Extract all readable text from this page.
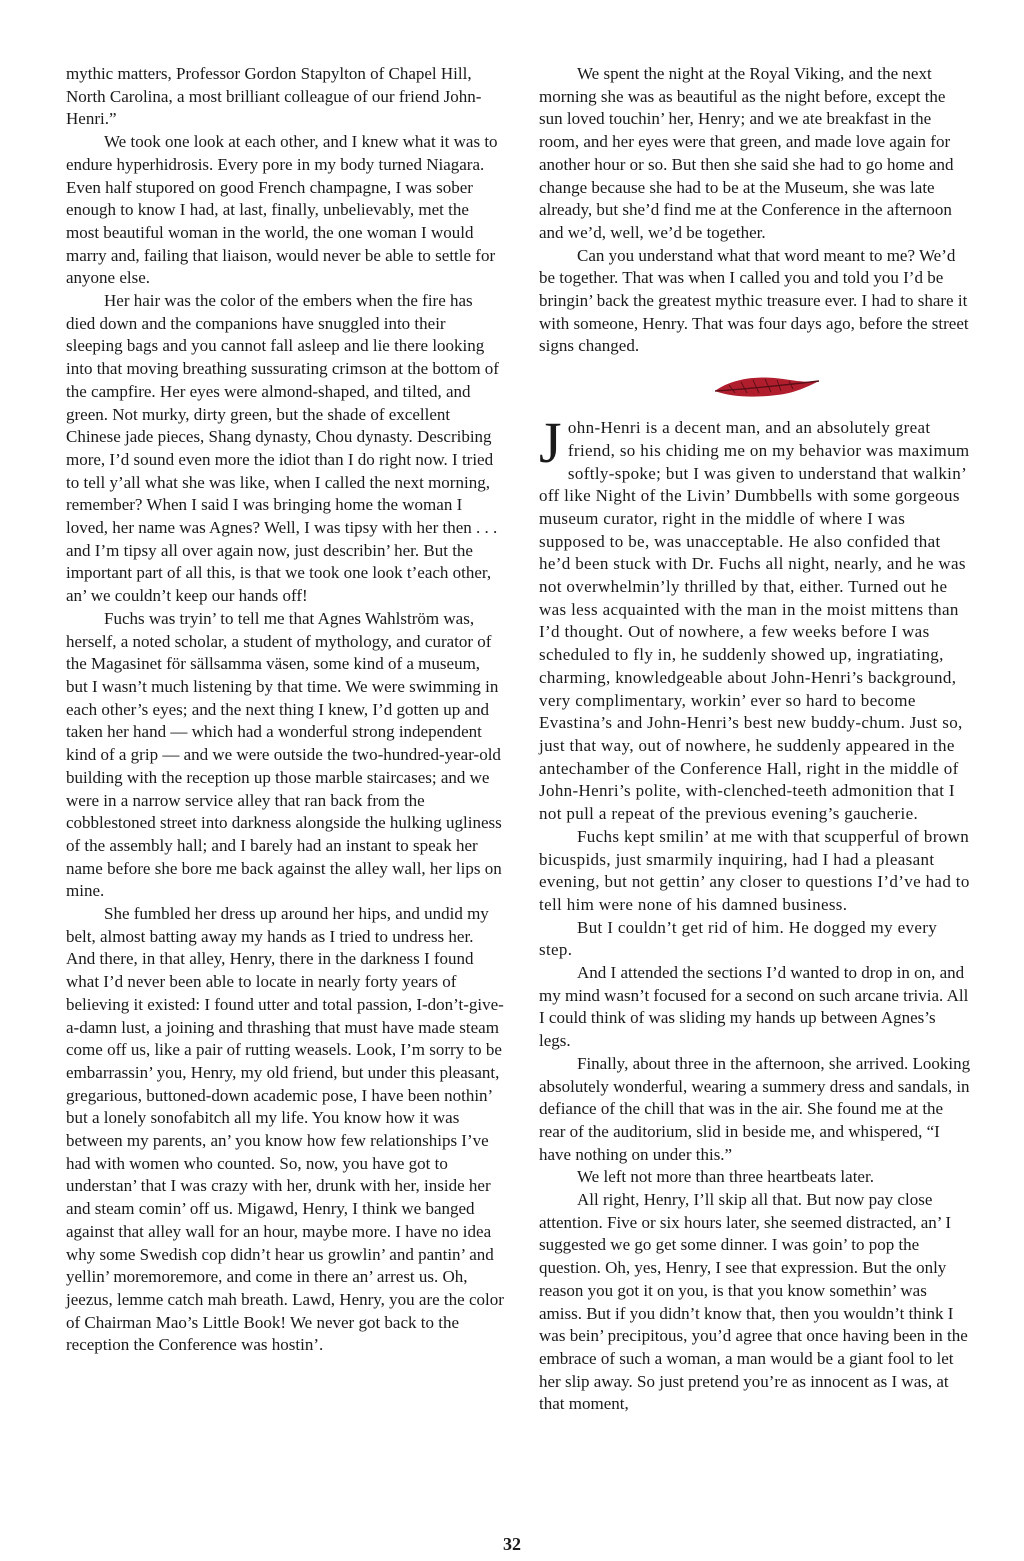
mythic matters, Professor Gordon Stapylton of Chapel Hill, North Carolina, a most brilliant colleague of our friend John-Henri.”

We took one look at each other, and I knew what it was to endure hyperhidrosis. Every pore in my body turned Niagara. Even half stupored on good French champagne, I was sober enough to know I had, at last, finally, unbelievably, met the most beautiful woman in the world, the one woman I would marry and, failing that liaison, would never be able to settle for anyone else.

Her hair was the color of the embers when the fire has died down and the companions have snuggled into their sleeping bags and you cannot fall asleep and lie there looking into that moving breathing sussurating crimson at the bottom of the campfire. Her eyes were almond-shaped, and tilted, and green. Not murky, dirty green, but the shade of excellent Chinese jade pieces, Shang dynasty, Chou dynasty. Describing more, I’d sound even more the idiot than I do right now. I tried to tell y’all what she was like, when I called the next morning, remember? When I said I was bringing home the woman I loved, her name was Agnes? Well, I was tipsy with her then . . . and I’m tipsy all over again now, just describin’ her. But the important part of all this, is that we took one look t’each other, an’ we couldn’t keep our hands off!

Fuchs was tryin’ to tell me that Agnes Wahlström was, herself, a noted scholar, a student of mythology, and curator of the Magasinet för sällsamma väsen, some kind of a museum, but I wasn’t much listening by that time. We were swimming in each other’s eyes; and the next thing I knew, I’d gotten up and taken her hand — which had a wonderful strong independent kind of a grip — and we were outside the two-hundred-year-old building with the reception up those marble staircases; and we were in a narrow service alley that ran back from the cobblestoned street into darkness alongside the hulking ugliness of the assembly hall; and I barely had an instant to speak her name before she bore me back against the alley wall, her lips on mine.

She fumbled her dress up around her hips, and undid my belt, almost batting away my hands as I tried to undress her. And there, in that alley, Henry, there in the darkness I found what I’d never been able to locate in nearly forty years of believing it existed: I found utter and total passion, I-don’t-give-a-damn lust, a joining and thrashing that must have made steam come off us, like a pair of rutting weasels. Look, I’m sorry to be embarrassin’ you, Henry, my old friend, but under this pleasant, gregarious, buttoned-down academic pose, I have been nothin’ but a lonely sonofabitch all my life. You know how it was between my parents, an’ you know how few relationships I’ve had with women who counted. So, now, you have got to understan’ that I was crazy with her, drunk with her, inside her and steam comin’ off us. Migawd, Henry, I think we banged against that alley wall for an hour, maybe more. I have no idea why some Swedish cop didn’t hear us growlin’ and pantin’ and yellin’ moremoremore, and come in there an’ arrest us. Oh, jeezus, lemme catch mah breath. Lawd, Henry, you are the color of Chairman Mao’s Little Book! We never got back to the reception the Conference was hostin’.

We spent the night at the Royal Viking, and the next morning she was as beautiful as the night before, except the sun loved touchin’ her, Henry; and we ate breakfast in the room, and her eyes were that green, and made love again for another hour or so. But then she said she had to go home and change because she had to be at the Museum, she was late already, but she’d find me at the Conference in the afternoon and we’d, well, we’d be together.

Can you understand what that word meant to me? We’d be together. That was when I called you and told you I’d be bringin’ back the greatest mythic treasure ever. I had to share it with someone, Henry. That was four days ago, before the street signs changed.

John-Henri is a decent man, and an absolutely great friend, so his chiding me on my behavior was maximum softly-spoke; but I was given to understand that walkin’ off like Night of the Livin’ Dumbbells with some gorgeous museum curator, right in the middle of where I was supposed to be, was unacceptable. He also confided that he’d been stuck with Dr. Fuchs all night, nearly, and he was not overwhelmin’ly thrilled by that, either. Turned out he was less acquainted with the man in the moist mittens than I’d thought. Out of nowhere, a few weeks before I was scheduled to fly in, he suddenly showed up, ingratiating, charming, knowledgeable about John-Henri’s background, very complimentary, workin’ ever so hard to become Evastina’s and John-Henri’s best new buddy-chum. Just so, just that way, out of nowhere, he suddenly appeared in the antechamber of the Conference Hall, right in the middle of John-Henri’s polite, with-clenched-teeth admonition that I not pull a repeat of the previous evening’s gaucherie.

Fuchs kept smilin’ at me with that scupperful of brown bicuspids, just smarmily inquiring, had I had a pleasant evening, but not gettin’ any closer to questions I’d’ve had to tell him were none of his damned business.

But I couldn’t get rid of him. He dogged my every step.

And I attended the sections I’d wanted to drop in on, and my mind wasn’t focused for a second on such arcane trivia. All I could think of was sliding my hands up between Agnes’s legs.

Finally, about three in the afternoon, she arrived. Looking absolutely wonderful, wearing a summery dress and sandals, in defiance of the chill that was in the air. She found me at the rear of the auditorium, slid in beside me, and whispered, “I have nothing on under this.”

We left not more than three heartbeats later.

All right, Henry, I’ll skip all that. But now pay close attention. Five or six hours later, she seemed distracted, an’ I suggested we go get some dinner. I was goin’ to pop the question. Oh, yes, Henry, I see that expression. But the only reason you got it on you, is that you know somethin’ was amiss. But if you didn’t know that, then you wouldn’t think I was bein’ precipitous, you’d agree that once having been in the embrace of such a woman, a man would be a giant fool to let her slip away. So just pretend you’re as innocent as I was, at that moment,

32
